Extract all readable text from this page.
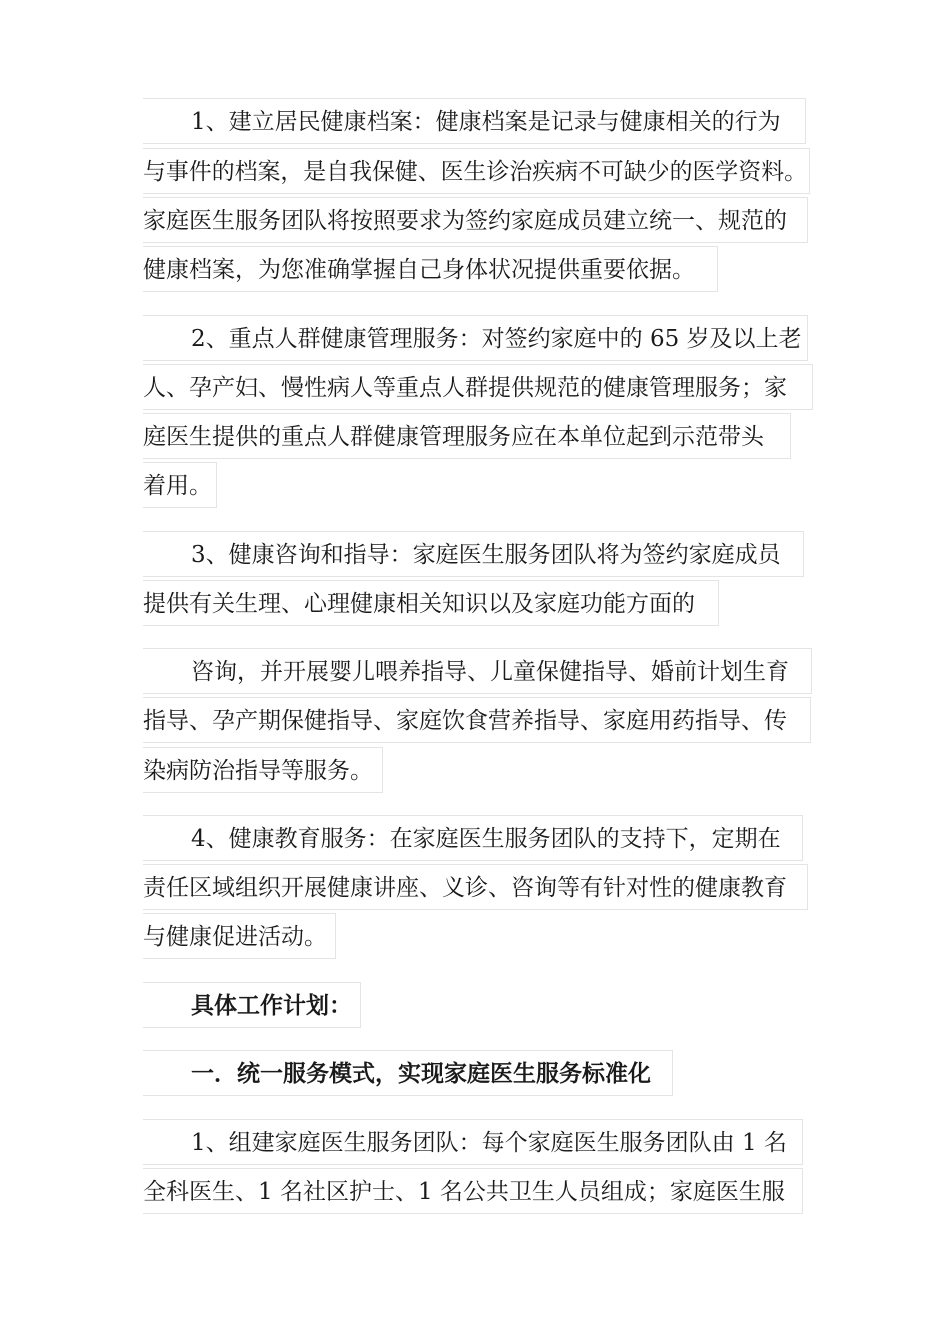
1、建立居民健康档案：健康档案是记录与健康相关的行为
与事件的档案，是自我保健、医生诊治疾病不可缺少的医学资料。
家庭医生服务团队将按照要求为签约家庭成员建立统一、规范的
健康档案，为您准确掌握自己身体状况提供重要依据。
2、重点人群健康管理服务：对签约家庭中的 65 岁及以上老
人、孕产妇、慢性病人等重点人群提供规范的健康管理服务；家
庭医生提供的重点人群健康管理服务应在本单位起到示范带头
着用。
3、健康咨询和指导：家庭医生服务团队将为签约家庭成员
提供有关生理、心理健康相关知识以及家庭功能方面的
咨询，并开展婴儿喂养指导、儿童保健指导、婚前计划生育
指导、孕产期保健指导、家庭饮食营养指导、家庭用药指导、传
染病防治指导等服务。
4、健康教育服务：在家庭医生服务团队的支持下，定期在
责任区域组织开展健康讲座、义诊、咨询等有针对性的健康教育
与健康促进活动。
具体工作计划：
一．统一服务模式，实现家庭医生服务标准化
1、组建家庭医生服务团队：每个家庭医生服务团队由 1 名
全科医生、1 名社区护士、1 名公共卫生人员组成；家庭医生服
